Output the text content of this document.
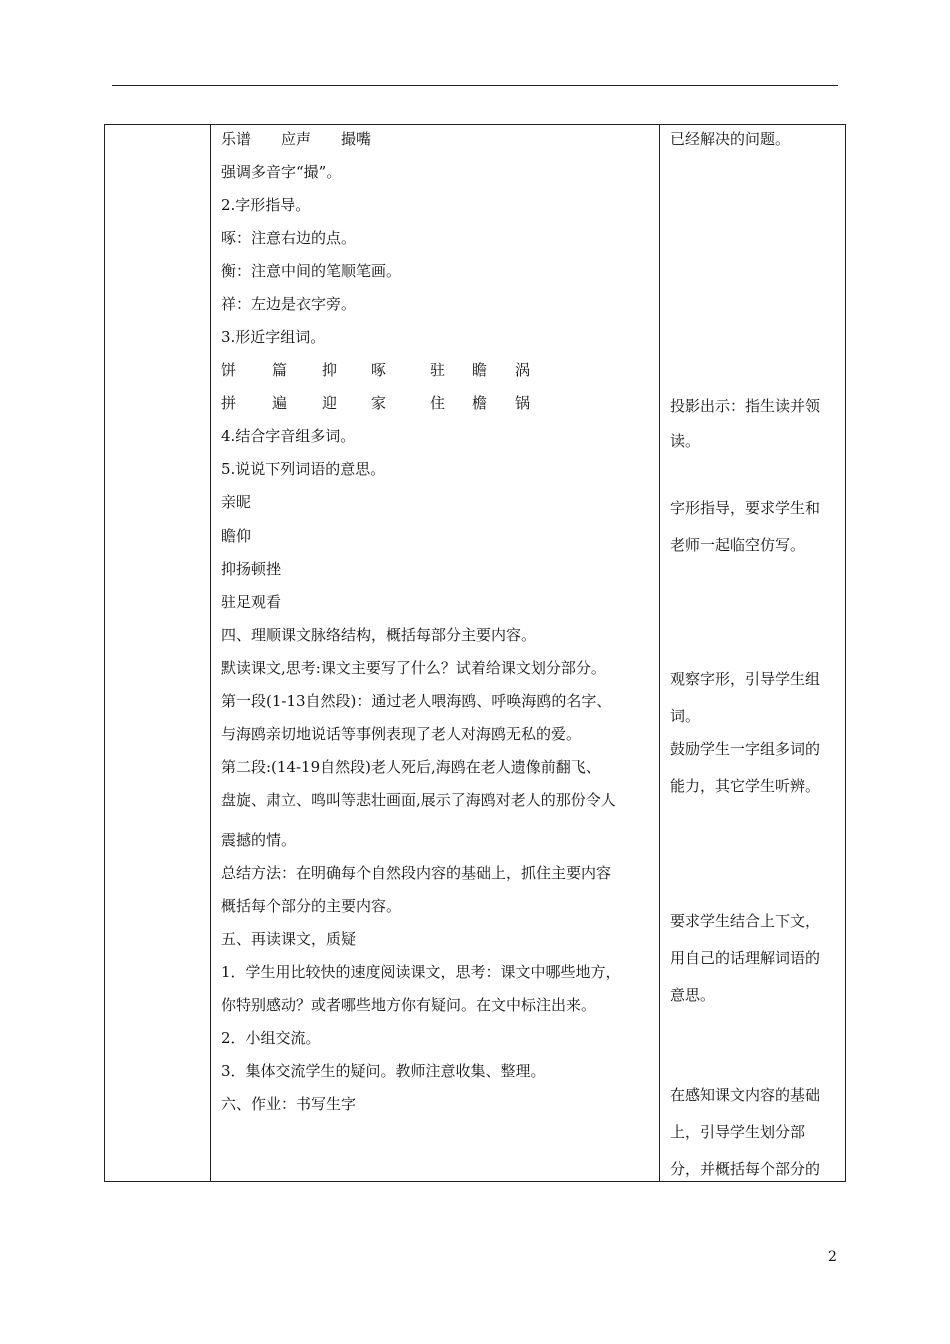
乐谱　　应声　　撮嘴
强调多音字“撮”。
2.字形指导。
啄：注意右边的点。
衡：注意中间的笔顺笔画。
祥：左边是衣字旁。
3.形近字组词。
饼 篇 抑 啄	驻 瞻 涡
拼 遍 迎 家	住 檐 锅
4.结合字音组多词。
5.说说下列词语的意思。
亲昵
瞻仰
抑扬顿挫
驻足观看
四、理顺课文脉络结构，概括每部分主要内容。
默读课文,思考:课文主要写了什么？试着给课文划分部分。
第一段(1-13自然段)：通过老人喂海鸥、呼唤海鸥的名字、
与海鸥亲切地说话等事例表现了老人对海鸥无私的爱。
第二段:(14-19自然段)老人死后,海鸥在老人遗像前翻飞、
盘旋、肃立、鸣叫等悲壮画面,展示了海鸥对老人的那份令人
震撼的情。
总结方法：在明确每个自然段内容的基础上，抓住主要内容
概括每个部分的主要内容。
五、再读课文，质疑
1．学生用比较快的速度阅读课文，思考：课文中哪些地方，
你特别感动？或者哪些地方你有疑问。在文中标注出来。
2．小组交流。
3．集体交流学生的疑问。教师注意收集、整理。
六、作业：书写生字
已经解决的问题。
投影出示：指生读并领
读。
字形指导，要求学生和
老师一起临空仿写。
观察字形，引导学生组
词。
鼓励学生一字组多词的
能力，其它学生听辨。
要求学生结合上下文，
用自己的话理解词语的
意思。
在感知课文内容的基础
上，引导学生划分部
分，并概括每个部分的
2
